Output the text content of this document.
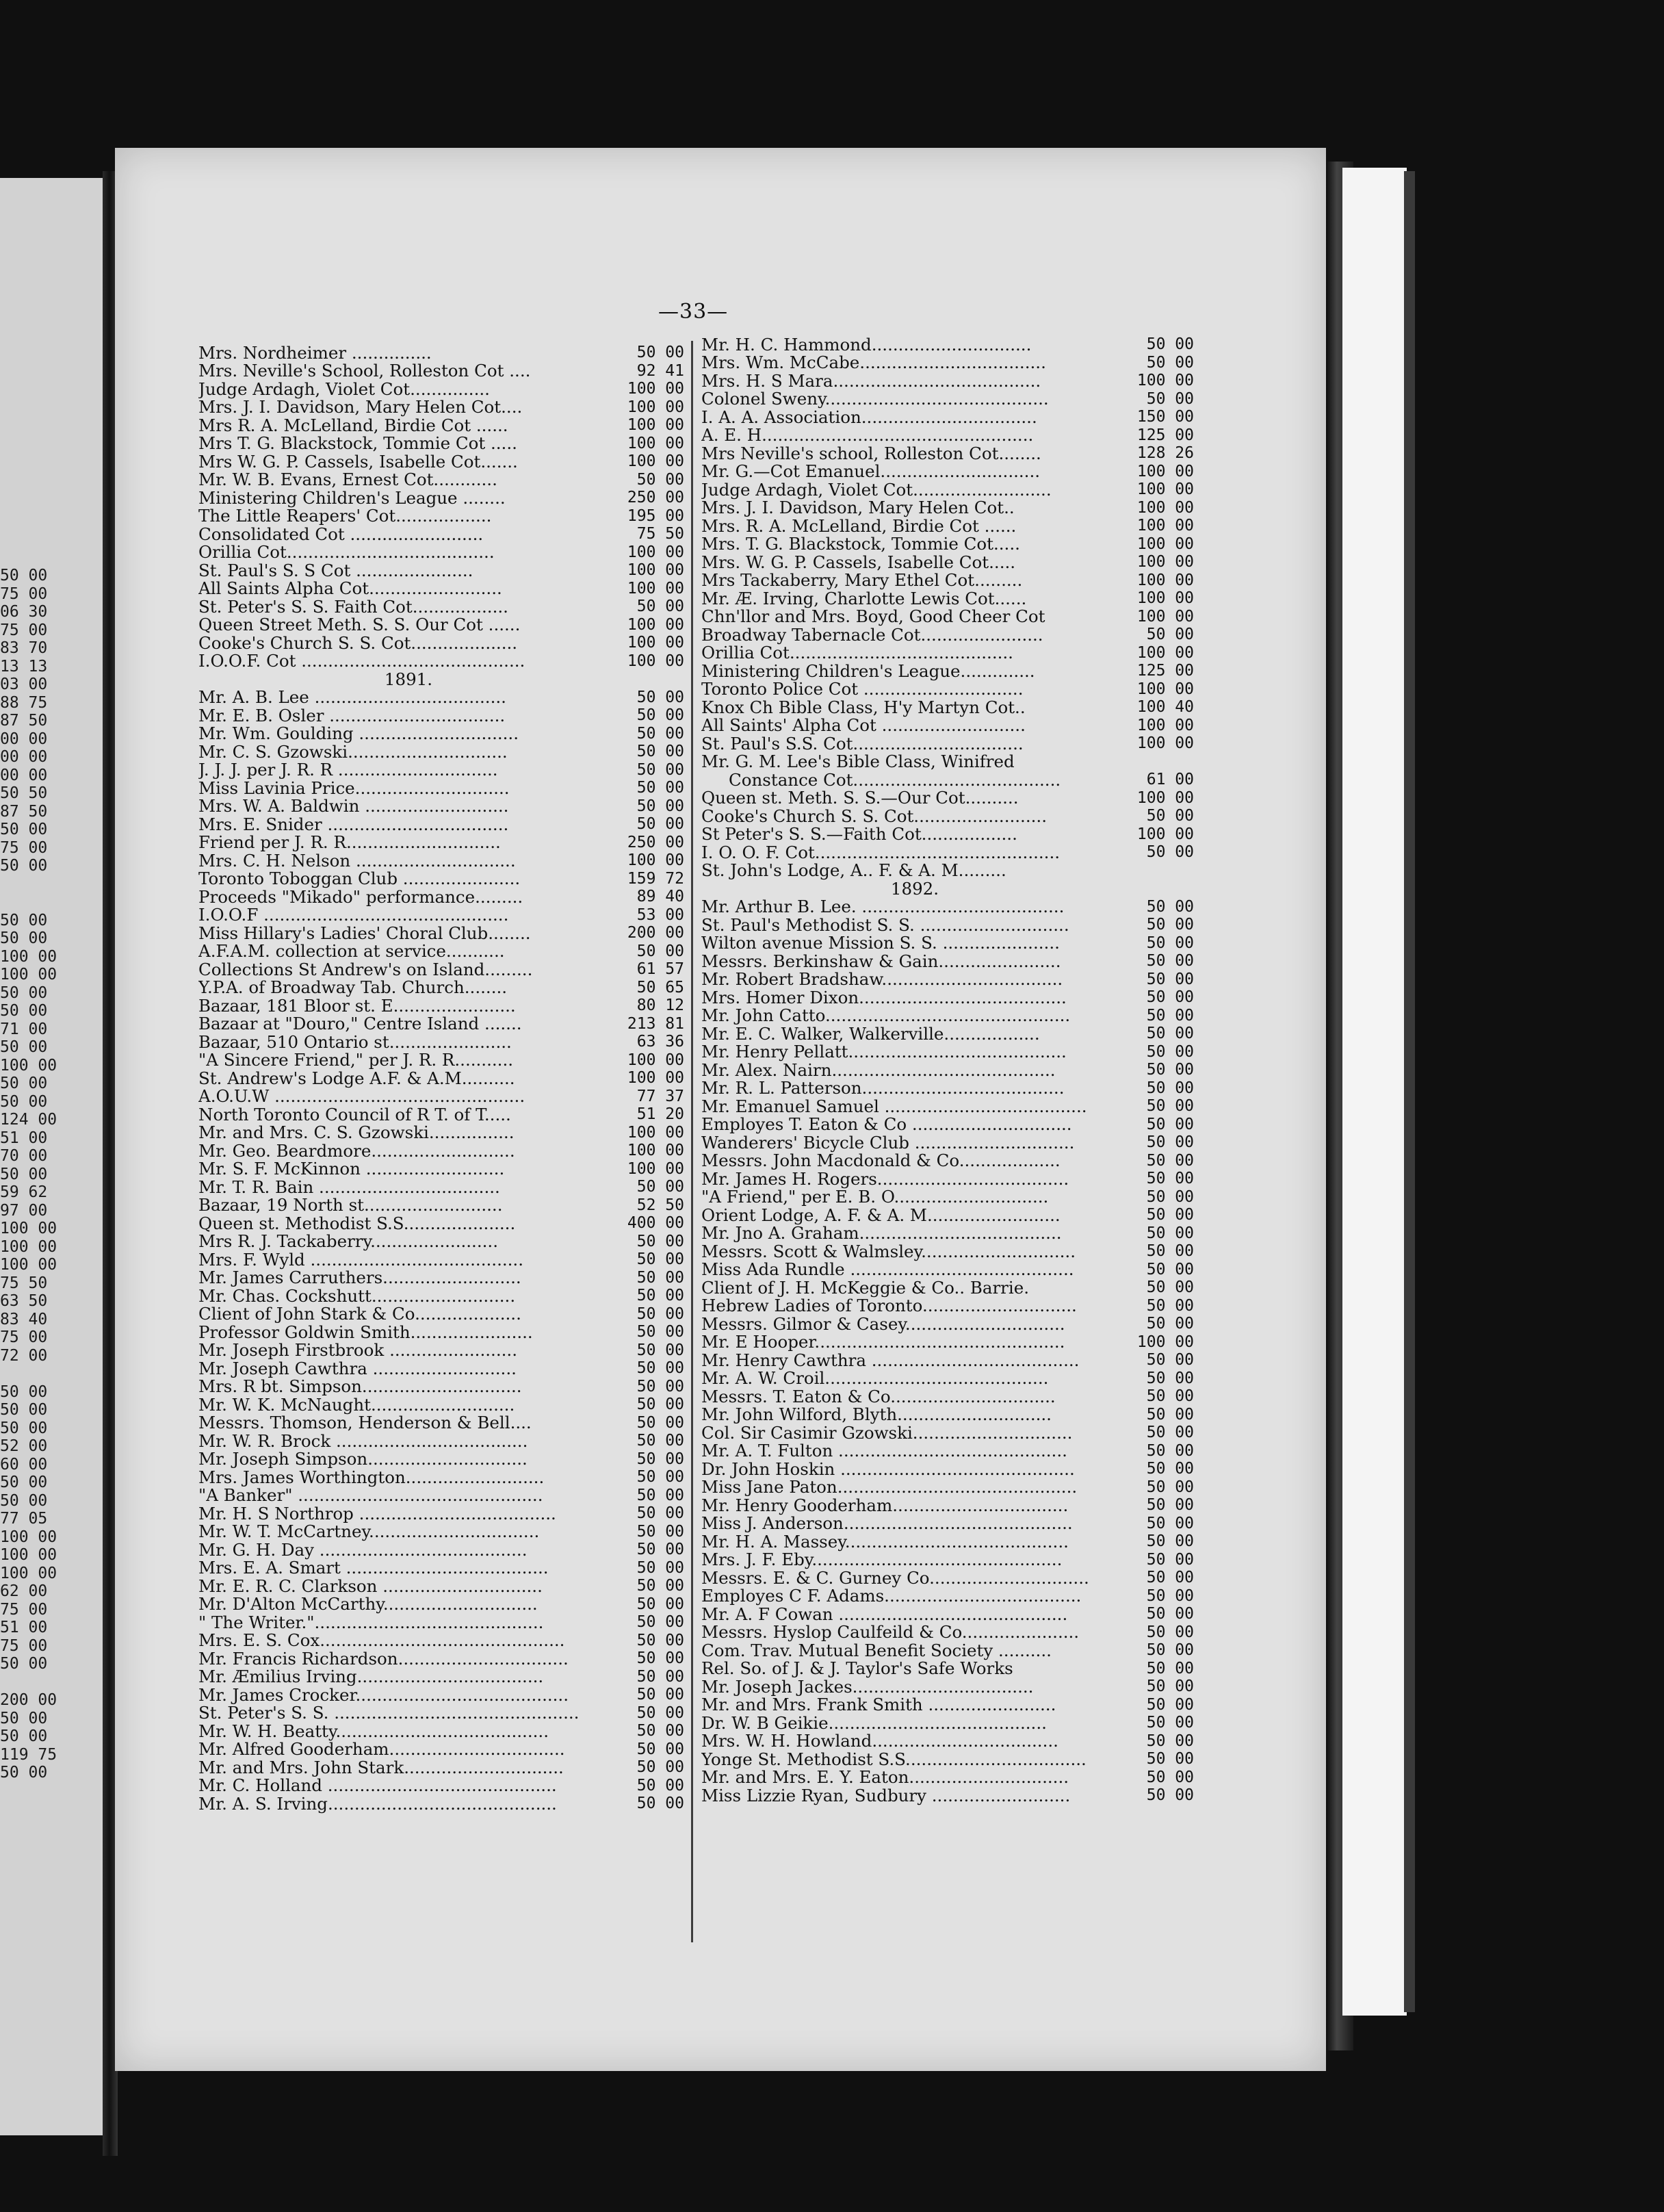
50 00
75 00
06 30
75 00
83 70
13 13
03 00
88 75
87 50
00 00
00 00
00 00
50 50
87 50
50 00
75 00
50 00
50 00
50 00
100 00
100 00
50 00
50 00
71 00
50 00
100 00
50 00
50 00
124 00
51 00
70 00
50 00
59 62
97 00
100 00
100 00
100 00
75 50
63 50
83 40
75 00
72 00
50 00
50 00
50 00
52 00
60 00
50 00
50 00
77 05
100 00
100 00
100 00
62 00
75 00
51 00
75 00
50 00
200 00
50 00
50 00
119 75
50 00
—33—
Mrs. Nordheimer ...............	50 00
Mrs. Neville's School, Rolleston Cot ....	92 41
Judge Ardagh, Violet Cot...............	100 00
Mrs. J. I. Davidson, Mary Helen Cot....	100 00
Mrs R. A. McLelland, Birdie Cot ......	100 00
Mrs T. G. Blackstock, Tommie Cot .....	100 00
Mrs W. G. P. Cassels, Isabelle Cot.......	100 00
Mr. W. B. Evans, Ernest Cot............	50 00
Ministering Children's League ........	250 00
The Little Reapers' Cot..................	195 00
Consolidated Cot .........................	75 50
Orillia Cot.......................................	100 00
St. Paul's S. S Cot ......................	100 00
All Saints Alpha Cot.........................	100 00
St. Peter's S. S. Faith Cot..................	50 00
Queen Street Meth. S. S. Our Cot ......	100 00
Cooke's Church S. S. Cot....................	100 00
I.O.O.F. Cot ..........................................	100 00
1891.
Mr. A. B. Lee ....................................	50 00
Mr. E. B. Osler .................................	50 00
Mr. Wm. Goulding ..............................	50 00
Mr. C. S. Gzowski..............................	50 00
J. J. J. per J. R. R ..............................	50 00
Miss Lavinia Price.............................	50 00
Mrs. W. A. Baldwin ...........................	50 00
Mrs. E. Snider ..................................	50 00
Friend per J. R. R.............................	250 00
Mrs. C. H. Nelson ..............................	100 00
Toronto Toboggan Club ......................	159 72
Proceeds "Mikado" performance.........	89 40
I.O.O.F ..............................................	53 00
Miss Hillary's Ladies' Choral Club........	200 00
A.F.A.M. collection at service...........	50 00
Collections St Andrew's on Island.........	61 57
Y.P.A. of Broadway Tab. Church........	50 65
Bazaar, 181 Bloor st. E.......................	80 12
Bazaar at "Douro," Centre Island .......	213 81
Bazaar, 510 Ontario st.......................	63 36
"A Sincere Friend," per J. R. R...........	100 00
St. Andrew's Lodge A.F. & A.M..........	100 00
A.O.U.W ...............................................	77 37
North Toronto Council of R T. of T.....	51 20
Mr. and Mrs. C. S. Gzowski................	100 00
Mr. Geo. Beardmore...........................	100 00
Mr. S. F. McKinnon ..........................	100 00
Mr. T. R. Bain ..................................	50 00
Bazaar, 19 North st..........................	52 50
Queen st. Methodist S.S.....................	400 00
Mrs R. J. Tackaberry........................	50 00
Mrs. F. Wyld ........................................	50 00
Mr. James Carruthers..........................	50 00
Mr. Chas. Cockshutt...........................	50 00
Client of John Stark & Co....................	50 00
Professor Goldwin Smith.......................	50 00
Mr. Joseph Firstbrook ........................	50 00
Mr. Joseph Cawthra ...........................	50 00
Mrs. R bt. Simpson..............................	50 00
Mr. W. K. McNaught...........................	50 00
Messrs. Thomson, Henderson & Bell....	50 00
Mr. W. R. Brock ....................................	50 00
Mr. Joseph Simpson..............................	50 00
Mrs. James Worthington..........................	50 00
"A Banker" ..............................................	50 00
Mr. H. S Northrop .....................................	50 00
Mr. W. T. McCartney................................	50 00
Mr. G. H. Day .......................................	50 00
Mrs. E. A. Smart ......................................	50 00
Mr. E. R. C. Clarkson ..............................	50 00
Mr. D'Alton McCarthy.............................	50 00
" The Writer."...........................................	50 00
Mrs. E. S. Cox..............................................	50 00
Mr. Francis Richardson................................	50 00
Mr. Æmilius Irving...................................	50 00
Mr. James Crocker........................................	50 00
St. Peter's S. S. ..............................................	50 00
Mr. W. H. Beatty........................................	50 00
Mr. Alfred Gooderham.................................	50 00
Mr. and Mrs. John Stark..............................	50 00
Mr. C. Holland ...........................................	50 00
Mr. A. S. Irving...........................................	50 00
Mr. H. C. Hammond..............................	50 00
Mrs. Wm. McCabe...................................	50 00
Mrs. H. S Mara.......................................	100 00
Colonel Sweny..........................................	50 00
I. A. A. Association.................................	150 00
A. E. H...................................................	125 00
Mrs Neville's school, Rolleston Cot........	128 26
Mr. G.—Cot Emanuel..............................	100 00
Judge Ardagh, Violet Cot..........................	100 00
Mrs. J. I. Davidson, Mary Helen Cot..	100 00
Mrs. R. A. McLelland, Birdie Cot ......	100 00
Mrs. T. G. Blackstock, Tommie Cot.....	100 00
Mrs. W. G. P. Cassels, Isabelle Cot.....	100 00
Mrs Tackaberry, Mary Ethel Cot.........	100 00
Mr. Æ. Irving, Charlotte Lewis Cot......	100 00
Chn'llor and Mrs. Boyd, Good Cheer Cot	100 00
Broadway Tabernacle Cot.......................	50 00
Orillia Cot..........................................	100 00
Ministering Children's League..............	125 00
Toronto Police Cot ..............................	100 00
Knox Ch Bible Class, H'y Martyn Cot..	100 40
All Saints' Alpha Cot ...........................	100 00
St. Paul's S.S. Cot................................	100 00
Mr. G. M. Lee's Bible Class, Winifred
Constance Cot.......................................	61 00
Queen st. Meth. S. S.—Our Cot..........	100 00
Cooke's Church S. S. Cot.........................	50 00
St Peter's S. S.—Faith Cot..................	100 00
I. O. O. F. Cot..............................................	50 00
St. John's Lodge, A.. F. & A. M.........
1892.
Mr. Arthur B. Lee. ......................................	50 00
St. Paul's Methodist S. S. ............................	50 00
Wilton avenue Mission S. S. ......................	50 00
Messrs. Berkinshaw & Gain.......................	50 00
Mr. Robert Bradshaw..................................	50 00
Mrs. Homer Dixon.......................................	50 00
Mr. John Catto..............................................	50 00
Mr. E. C. Walker, Walkerville..................	50 00
Mr. Henry Pellatt.........................................	50 00
Mr. Alex. Nairn..........................................	50 00
Mr. R. L. Patterson......................................	50 00
Mr. Emanuel Samuel ......................................	50 00
Employes T. Eaton & Co ..............................	50 00
Wanderers' Bicycle Club ..............................	50 00
Messrs. John Macdonald & Co...................	50 00
Mr. James H. Rogers....................................	50 00
"A Friend," per E. B. O.............................	50 00
Orient Lodge, A. F. & A. M.........................	50 00
Mr. Jno A. Graham......................................	50 00
Messrs. Scott & Walmsley.............................	50 00
Miss Ada Rundle ..........................................	50 00
Client of J. H. McKeggie & Co.. Barrie.	50 00
Hebrew Ladies of Toronto.............................	50 00
Messrs. Gilmor & Casey..............................	50 00
Mr. E Hooper...............................................	100 00
Mr. Henry Cawthra .......................................	50 00
Mr. A. W. Croil..........................................	50 00
Messrs. T. Eaton & Co...............................	50 00
Mr. John Wilford, Blyth.............................	50 00
Col. Sir Casimir Gzowski..............................	50 00
Mr. A. T. Fulton ...........................................	50 00
Dr. John Hoskin ............................................	50 00
Miss Jane Paton.............................................	50 00
Mr. Henry Gooderham.................................	50 00
Miss J. Anderson...........................................	50 00
Mr. H. A. Massey..........................................	50 00
Mrs. J. F. Eby...............................................	50 00
Messrs. E. & C. Gurney Co..............................	50 00
Employes C F. Adams.....................................	50 00
Mr. A. F Cowan ...........................................	50 00
Messrs. Hyslop Caulfeild & Co......................	50 00
Com. Trav. Mutual Benefit Society ..........	50 00
Rel. So. of J. & J. Taylor's Safe Works	50 00
Mr. Joseph Jackes..................................	50 00
Mr. and Mrs. Frank Smith ........................	50 00
Dr. W. B Geikie.........................................	50 00
Mrs. W. H. Howland...................................	50 00
Yonge St. Methodist S.S..................................	50 00
Mr. and Mrs. E. Y. Eaton..............................	50 00
Miss Lizzie Ryan, Sudbury ..........................	50 00
